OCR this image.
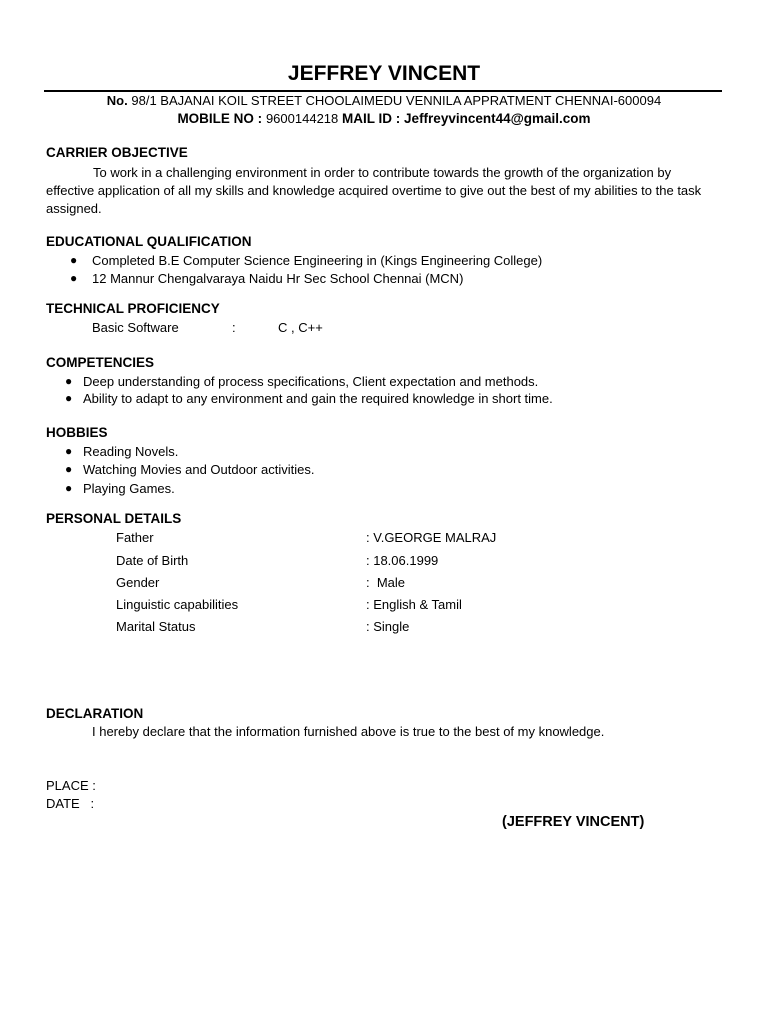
JEFFREY VINCENT
No. 98/1 BAJANAI KOIL STREET CHOOLAIMEDU VENNILA APPRATMENT CHENNAI-600094
MOBILE NO : 9600144218 MAIL ID : Jeffreyvincent44@gmail.com
CARRIER OBJECTIVE
To work in a challenging environment in order to contribute towards the growth of the organization by effective application of all my skills and knowledge acquired overtime to give out the best of my abilities to the task assigned.
EDUCATIONAL QUALIFICATION
● Completed B.E Computer Science Engineering in (Kings Engineering College)
● 12 Mannur Chengalvaraya Naidu Hr Sec School Chennai (MCN)
TECHNICAL PROFICIENCY
Basic Software	:	C , C++
COMPETENCIES
● Deep understanding of process specifications, Client expectation and methods.
● Ability to adapt to any environment and gain the required knowledge in short time.
HOBBIES
● Reading Novels.
● Watching Movies and Outdoor activities.
● Playing Games.
PERSONAL DETAILS
Father	: V.GEORGE MALRAJ
Date of Birth	: 18.06.1999
Gender	:  Male
Linguistic capabilities	: English & Tamil
Marital Status	: Single
DECLARATION
I hereby declare that the information furnished above is true to the best of my knowledge.
PLACE :
DATE   :
(JEFFREY VINCENT)
